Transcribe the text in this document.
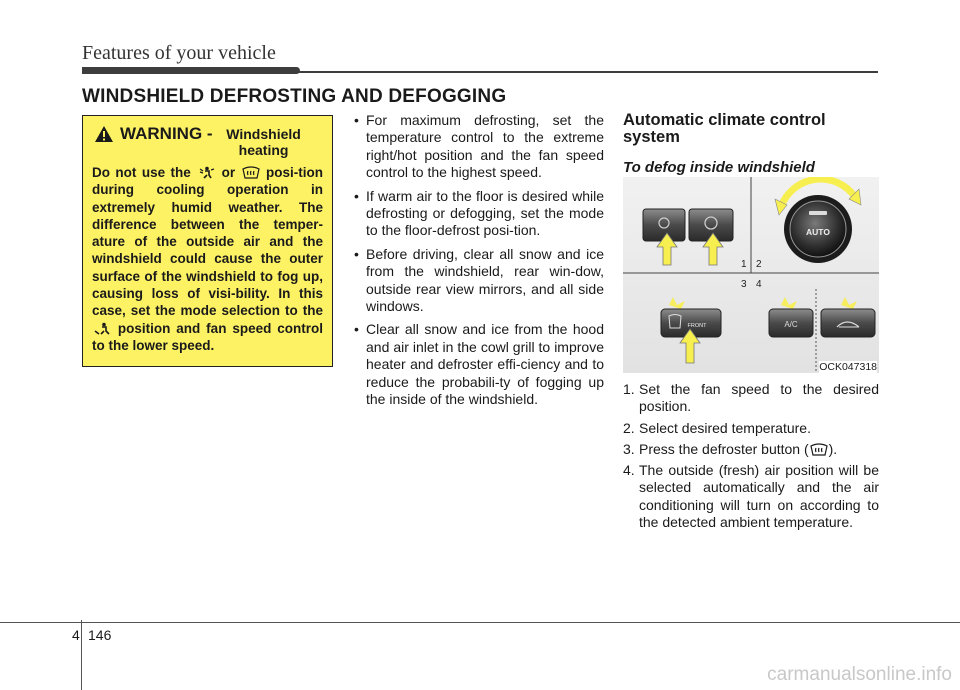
Features of your vehicle
WINDSHIELD DEFROSTING AND DEFOGGING
WARNING - Windshield heating
Do not use the or posi-tion during cooling operation in extremely humid weather. The difference between the temper-ature of the outside air and the windshield could cause the outer surface of the windshield to fog up, causing loss of visi-bility. In this case, set the mode selection to the  position and fan speed control to the lower speed.
• For maximum defrosting, set the temperature control to the extreme right/hot position and the fan speed control to the highest speed.
• If warm air to the floor is desired while defrosting or defogging, set the mode to the floor-defrost posi-tion.
• Before driving, clear all snow and ice from the windshield, rear win-dow, outside rear view mirrors, and all side windows.
• Clear all snow and ice from the hood and air inlet in the cowl grill to improve heater and defroster effi-ciency and to reduce the probabili-ty of fogging up the inside of the windshield.
Automatic climate control system
To defog inside windshield
AUTO
1 2
3 4
FRONT	A/C
OCK047318
1. Set the fan speed to the desired position.
2. Select desired temperature.
3. Press the defroster button ( ).
4. The outside (fresh) air position will be selected automatically and the air conditioning will turn on according to the detected ambient temperature.
4 146
carmanualsonline.info
